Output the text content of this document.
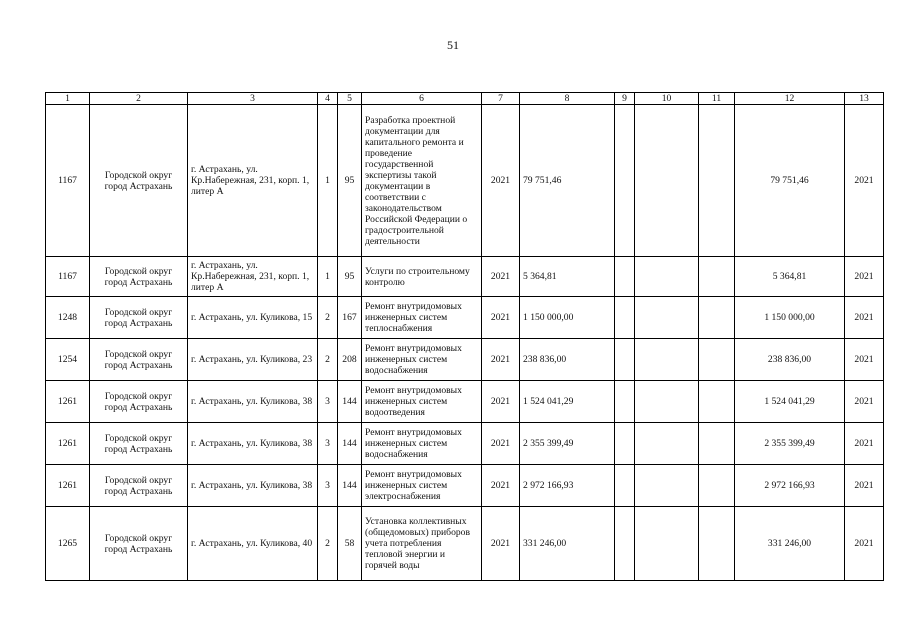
51
1	2	3	4	5	6	7	8	9	10	11	12	13
1167	Городской округ город Астрахань	г. Астрахань, ул. Кр.Набережная, 231, корп. 1, литер А	1	95	Разработка проектной документации для капитального ремонта и проведение государственной экспертизы такой документации в соответствии с законодательством Российской Федерации о градостроительной деятельности	2021	79 751,46				79 751,46	2021
1167	Городской округ город Астрахань	г. Астрахань, ул. Кр.Набережная, 231, корп. 1, литер А	1	95	Услуги по строительному контролю	2021	5 364,81				5 364,81	2021
1248	Городской округ город Астрахань	г. Астрахань, ул. Куликова, 15	2	167	Ремонт внутридомовых инженерных систем теплоснабжения	2021	1 150 000,00				1 150 000,00	2021
1254	Городской округ город Астрахань	г. Астрахань, ул. Куликова, 23	2	208	Ремонт внутридомовых инженерных систем водоснабжения	2021	238 836,00				238 836,00	2021
1261	Городской округ город Астрахань	г. Астрахань, ул. Куликова, 38	3	144	Ремонт внутридомовых инженерных систем водоотведения	2021	1 524 041,29				1 524 041,29	2021
1261	Городской округ город Астрахань	г. Астрахань, ул. Куликова, 38	3	144	Ремонт внутридомовых инженерных систем водоснабжения	2021	2 355 399,49				2 355 399,49	2021
1261	Городской округ город Астрахань	г. Астрахань, ул. Куликова, 38	3	144	Ремонт внутридомовых инженерных систем электроснабжения	2021	2 972 166,93				2 972 166,93	2021
1265	Городской округ город Астрахань	г. Астрахань, ул. Куликова, 40	2	58	Установка коллективных (общедомовых) приборов учета потребления тепловой энергии и горячей воды	2021	331 246,00				331 246,00	2021
